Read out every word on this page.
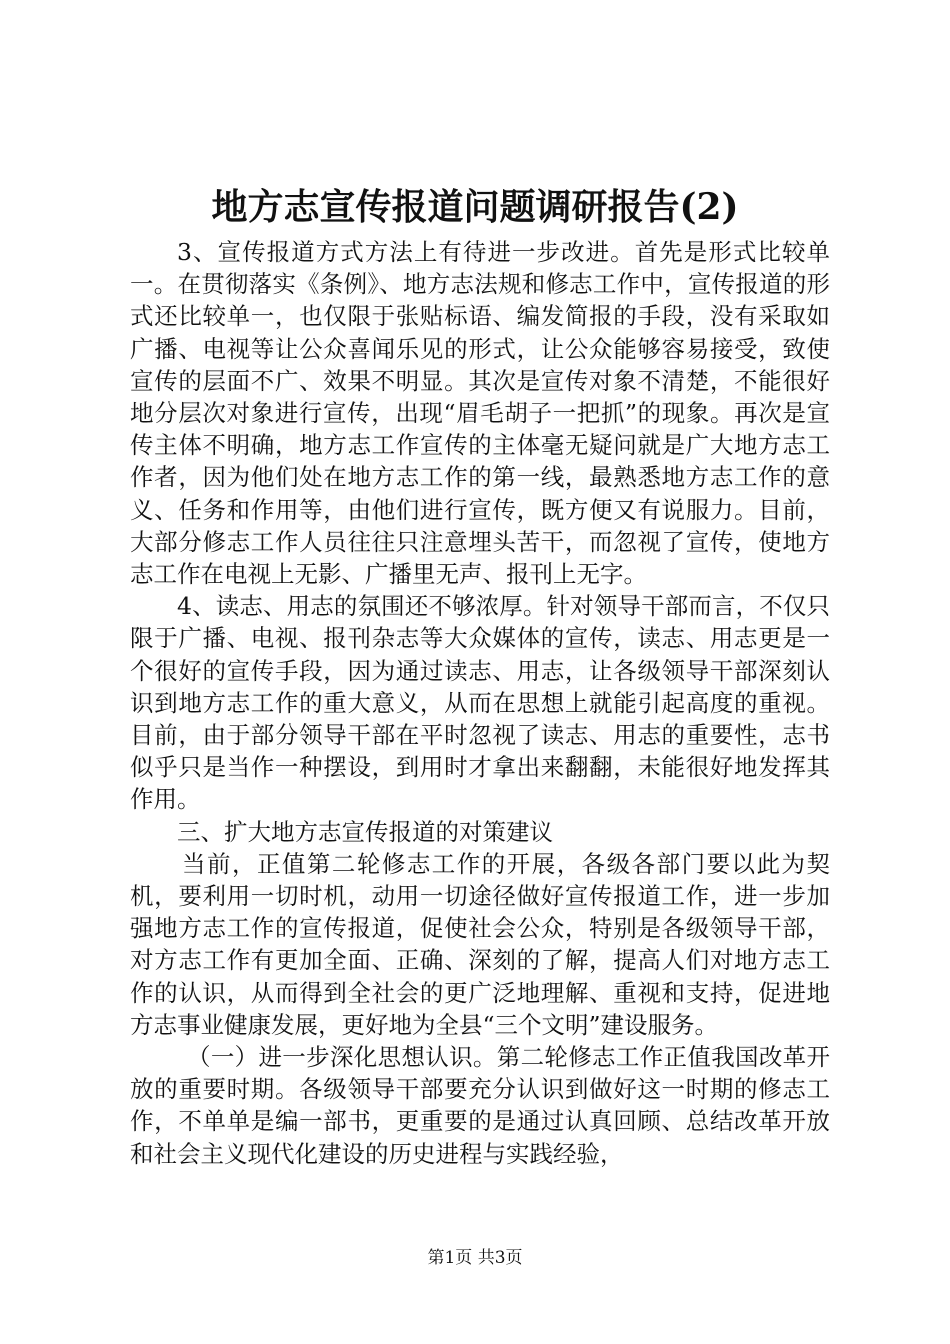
地方志宣传报道问题调研报告(2)

3、宣传报道方式方法上有待进一步改进。首先是形式比较单一。在贯彻落实《条例》、地方志法规和修志工作中，宣传报道的形式还比较单一，也仅限于张贴标语、编发简报的手段，没有采取如广播、电视等让公众喜闻乐见的形式，让公众能够容易接受，致使宣传的层面不广、效果不明显。其次是宣传对象不清楚，不能很好地分层次对象进行宣传，出现“眉毛胡子一把抓”的现象。再次是宣传主体不明确，地方志工作宣传的主体毫无疑问就是广大地方志工作者，因为他们处在地方志工作的第一线，最熟悉地方志工作的意义、任务和作用等，由他们进行宣传，既方便又有说服力。目前，大部分修志工作人员往往只注意埋头苦干，而忽视了宣传，使地方志工作在电视上无影、广播里无声、报刊上无字。

4、读志、用志的氛围还不够浓厚。针对领导干部而言，不仅只限于广播、电视、报刊杂志等大众媒体的宣传，读志、用志更是一个很好的宣传手段，因为通过读志、用志，让各级领导干部深刻认识到地方志工作的重大意义，从而在思想上就能引起高度的重视。目前，由于部分领导干部在平时忽视了读志、用志的重要性，志书似乎只是当作一种摆设，到用时才拿出来翻翻，未能很好地发挥其作用。

三、扩大地方志宣传报道的对策建议

当前，正值第二轮修志工作的开展，各级各部门要以此为契机，要利用一切时机，动用一切途径做好宣传报道工作，进一步加强地方志工作的宣传报道，促使社会公众，特别是各级领导干部，对方志工作有更加全面、正确、深刻的了解，提高人们对地方志工作的认识，从而得到全社会的更广泛地理解、重视和支持，促进地方志事业健康发展，更好地为全县“三个文明”建设服务。

（一）进一步深化思想认识。第二轮修志工作正值我国改革开放的重要时期。各级领导干部要充分认识到做好这一时期的修志工作，不单单是编一部书，更重要的是通过认真回顾、总结改革开放和社会主义现代化建设的历史进程与实践经验，

第1页 共3页
